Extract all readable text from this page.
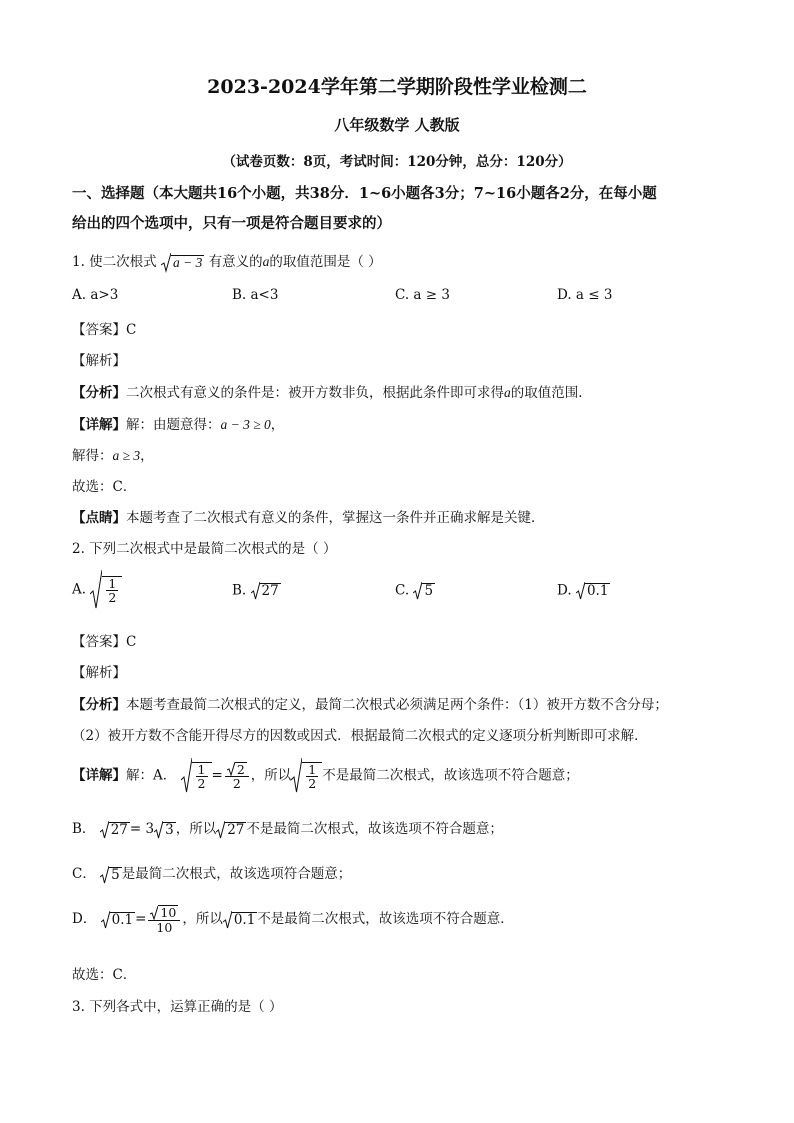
2023-2024学年第二学期阶段性学业检测二
八年级数学 人教版
（试卷页数：8页，考试时间：120分钟，总分：120分）
一、选择题（本大题共16个小题，共38分．1~6小题各3分；7~16小题各2分，在每小题
给出的四个选项中，只有一项是符合题目要求的）
1. 使二次根式 a − 3 有意义的a的取值范围是（ ）
A. a>3	B. a<3	C. a ≥ 3	D. a ≤ 3
【答案】C
【解析】
【分析】二次根式有意义的条件是：被开方数非负，根据此条件即可求得a的取值范围．
【详解】解：由题意得：a − 3 ≥ 0，
解得：a ≥ 3，
故选：C．
【点睛】本题考查了二次根式有意义的条件，掌握这一条件并正确求解是关键．
2. 下列二次根式中是最简二次根式的是（ ）
A. $\frac{1}{2}$	B. 27	C. 5	D. 0.1
【答案】C
【解析】
【分析】本题考查最简二次根式的定义，最简二次根式必须满足两个条件：（1）被开方数不含分母；
（2）被开方数不含能开得尽方的因数或因式．根据最简二次根式的定义逐项分析判断即可求解．
【详解】解：A． $\frac{1}{2} = \frac{2}{2}$ ，所以 $\frac{1}{2}$ 不是最简二次根式，故该选项不符合题意；
B． 27 = 3 3 ，所以 27 不是最简二次根式，故该选项不符合题意；
C． 5 是最简二次根式，故该选项符合题意；
D． $0.1 = \frac{10}{10}$ ，所以 0.1 不是最简二次根式，故该选项不符合题意．
故选：C．
3. 下列各式中，运算正确的是（ ）
